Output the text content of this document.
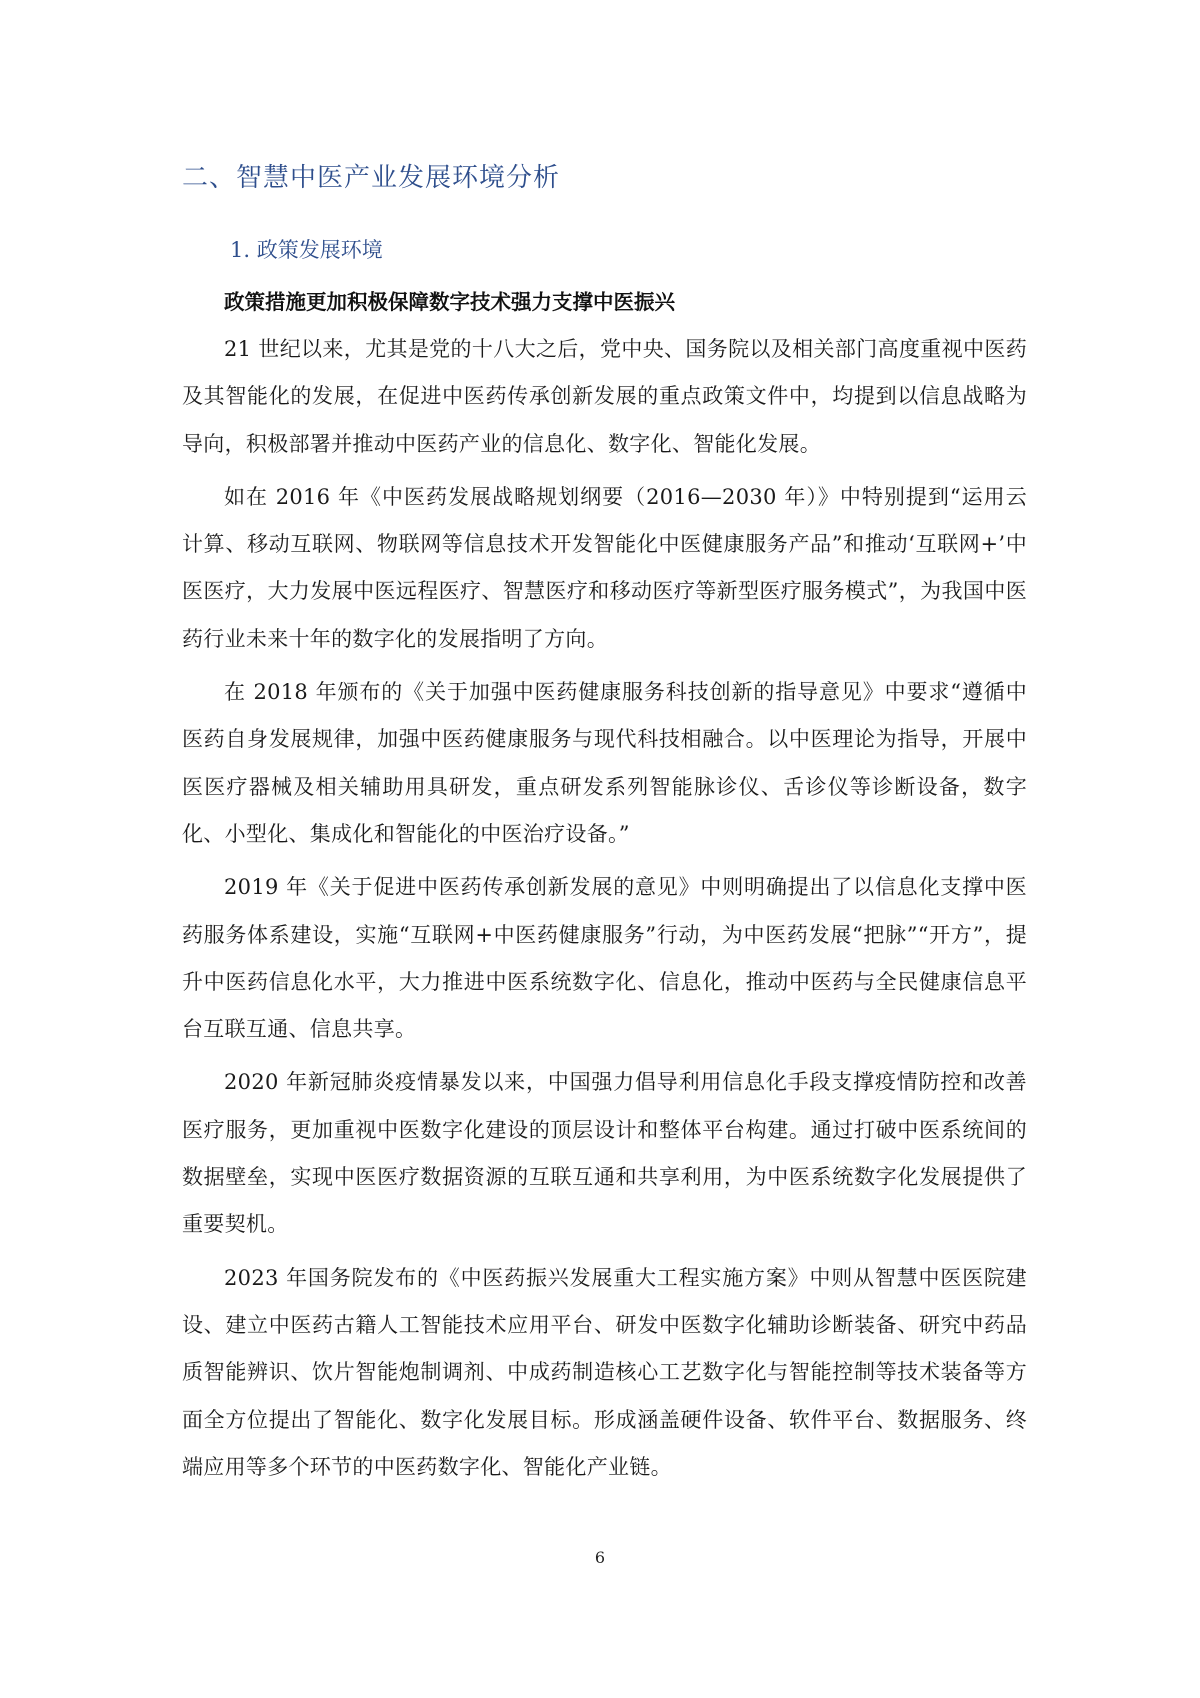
二、智慧中医产业发展环境分析
1. 政策发展环境
政策措施更加积极保障数字技术强力支撑中医振兴

21 世纪以来，尤其是党的十八大之后，党中央、国务院以及相关部门高度重视中医药及其智能化的发展，在促进中医药传承创新发展的重点政策文件中，均提到以信息战略为导向，积极部署并推动中医药产业的信息化、数字化、智能化发展。

如在 2016 年《中医药发展战略规划纲要（2016—2030 年）》中特别提到“运用云计算、移动互联网、物联网等信息技术开发智能化中医健康服务产品”和推动‘互联网+’中医医疗，大力发展中医远程医疗、智慧医疗和移动医疗等新型医疗服务模式”，为我国中医药行业未来十年的数字化的发展指明了方向。

在 2018 年颁布的《关于加强中医药健康服务科技创新的指导意见》中要求“遵循中医药自身发展规律，加强中医药健康服务与现代科技相融合。以中医理论为指导，开展中医医疗器械及相关辅助用具研发，重点研发系列智能脉诊仪、舌诊仪等诊断设备，数字化、小型化、集成化和智能化的中医治疗设备。”

2019 年《关于促进中医药传承创新发展的意见》中则明确提出了以信息化支撑中医药服务体系建设，实施“互联网+中医药健康服务”行动，为中医药发展“把脉”“开方”，提升中医药信息化水平，大力推进中医系统数字化、信息化，推动中医药与全民健康信息平台互联互通、信息共享。

2020 年新冠肺炎疫情暴发以来，中国强力倡导利用信息化手段支撑疫情防控和改善医疗服务，更加重视中医数字化建设的顶层设计和整体平台构建。通过打破中医系统间的数据壁垒，实现中医医疗数据资源的互联互通和共享利用，为中医系统数字化发展提供了重要契机。

2023 年国务院发布的《中医药振兴发展重大工程实施方案》中则从智慧中医医院建设、建立中医药古籍人工智能技术应用平台、研发中医数字化辅助诊断装备、研究中药品质智能辨识、饮片智能炮制调剂、中成药制造核心工艺数字化与智能控制等技术装备等方面全方位提出了智能化、数字化发展目标。形成涵盖硬件设备、软件平台、数据服务、终端应用等多个环节的中医药数字化、智能化产业链。

6
